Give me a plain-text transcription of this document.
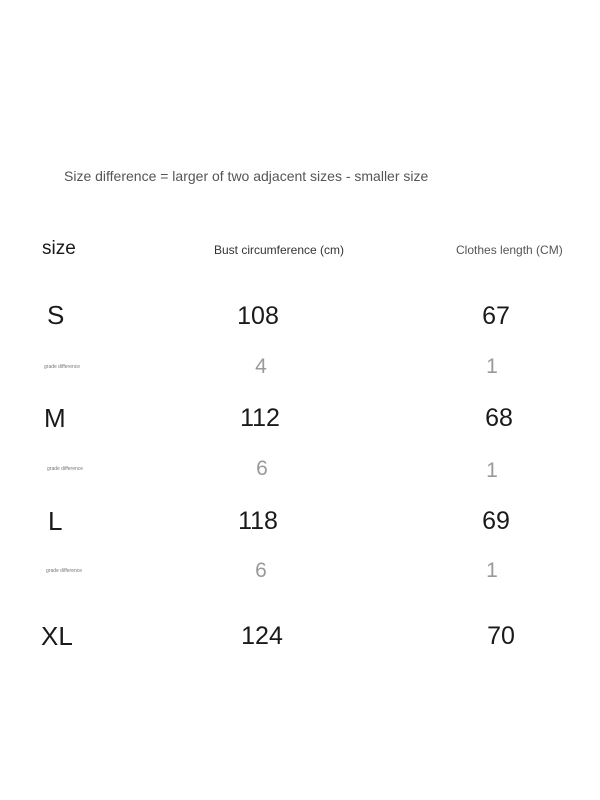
Size difference = larger of two adjacent sizes - smaller size
size	Bust circumference (cm)	Clothes length (CM)
S	108	67
grade difference	4	1
M	112	68
grade difference	6	1
L	118	69
grade difference	6	1
XL	124	70
